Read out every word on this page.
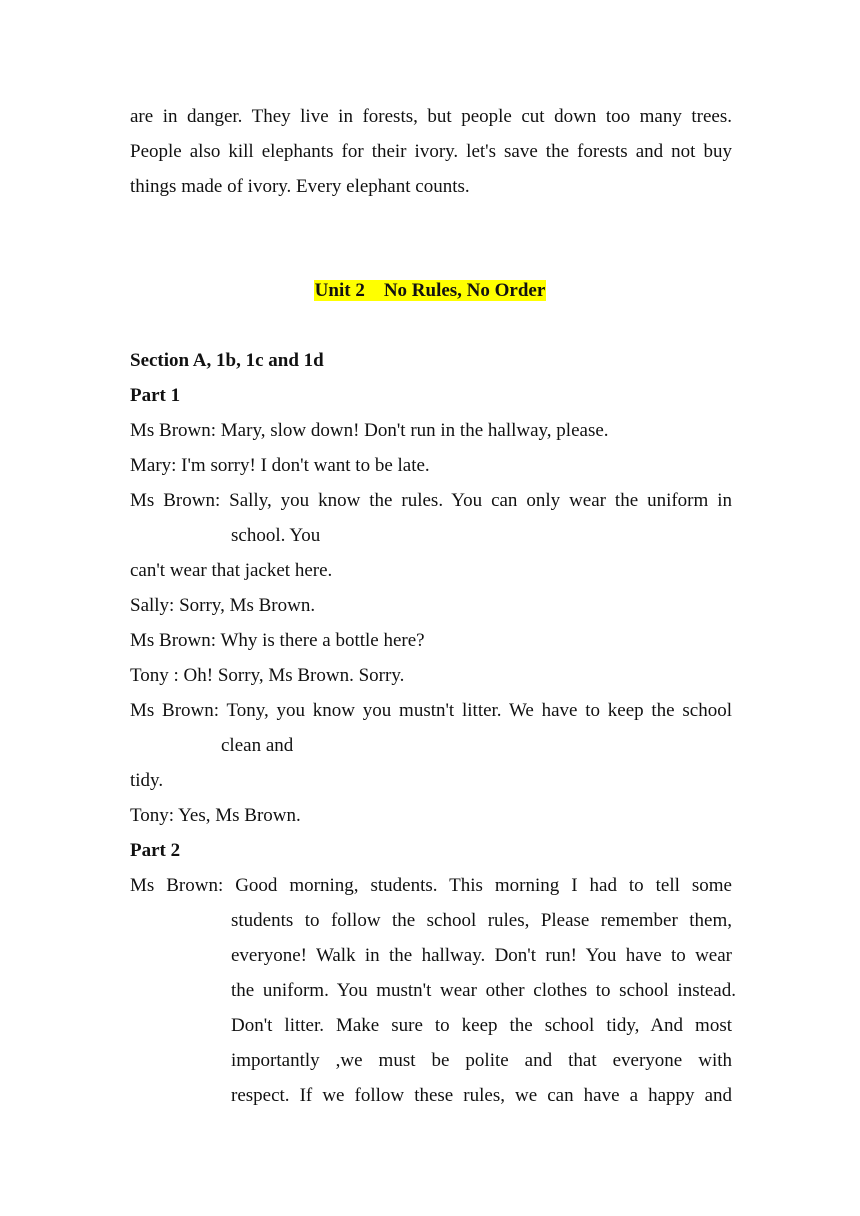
are in danger. They live in forests, but people cut down too many trees.
People also kill elephants for their ivory. let's save the forests and not buy
things made of ivory. Every elephant counts.
Unit 2    No Rules, No Order
Section A, 1b, 1c and 1d
Part 1
Ms Brown: Mary, slow down! Don't run in the hallway, please.
Mary: I'm sorry! I don't want to be late.
Ms Brown: Sally, you know the rules. You can only wear the uniform in
school. You
can't wear that jacket here.
Sally: Sorry, Ms Brown.
Ms Brown: Why is there a bottle here?
Tony : Oh! Sorry, Ms Brown. Sorry.
Ms Brown: Tony, you know you mustn't litter. We have to keep the school
clean and
tidy.
Tony: Yes, Ms Brown.
Part 2
Ms Brown: Good morning, students. This morning I had to tell some
students to follow the school rules, Please remember them,
everyone! Walk in the hallway. Don't run! You have to wear
the uniform. You mustn't wear other clothes to school instead.
Don't litter. Make sure to keep the school tidy, And most
importantly ,we must be polite and that everyone with
respect. If we follow these rules, we can have a happy and
